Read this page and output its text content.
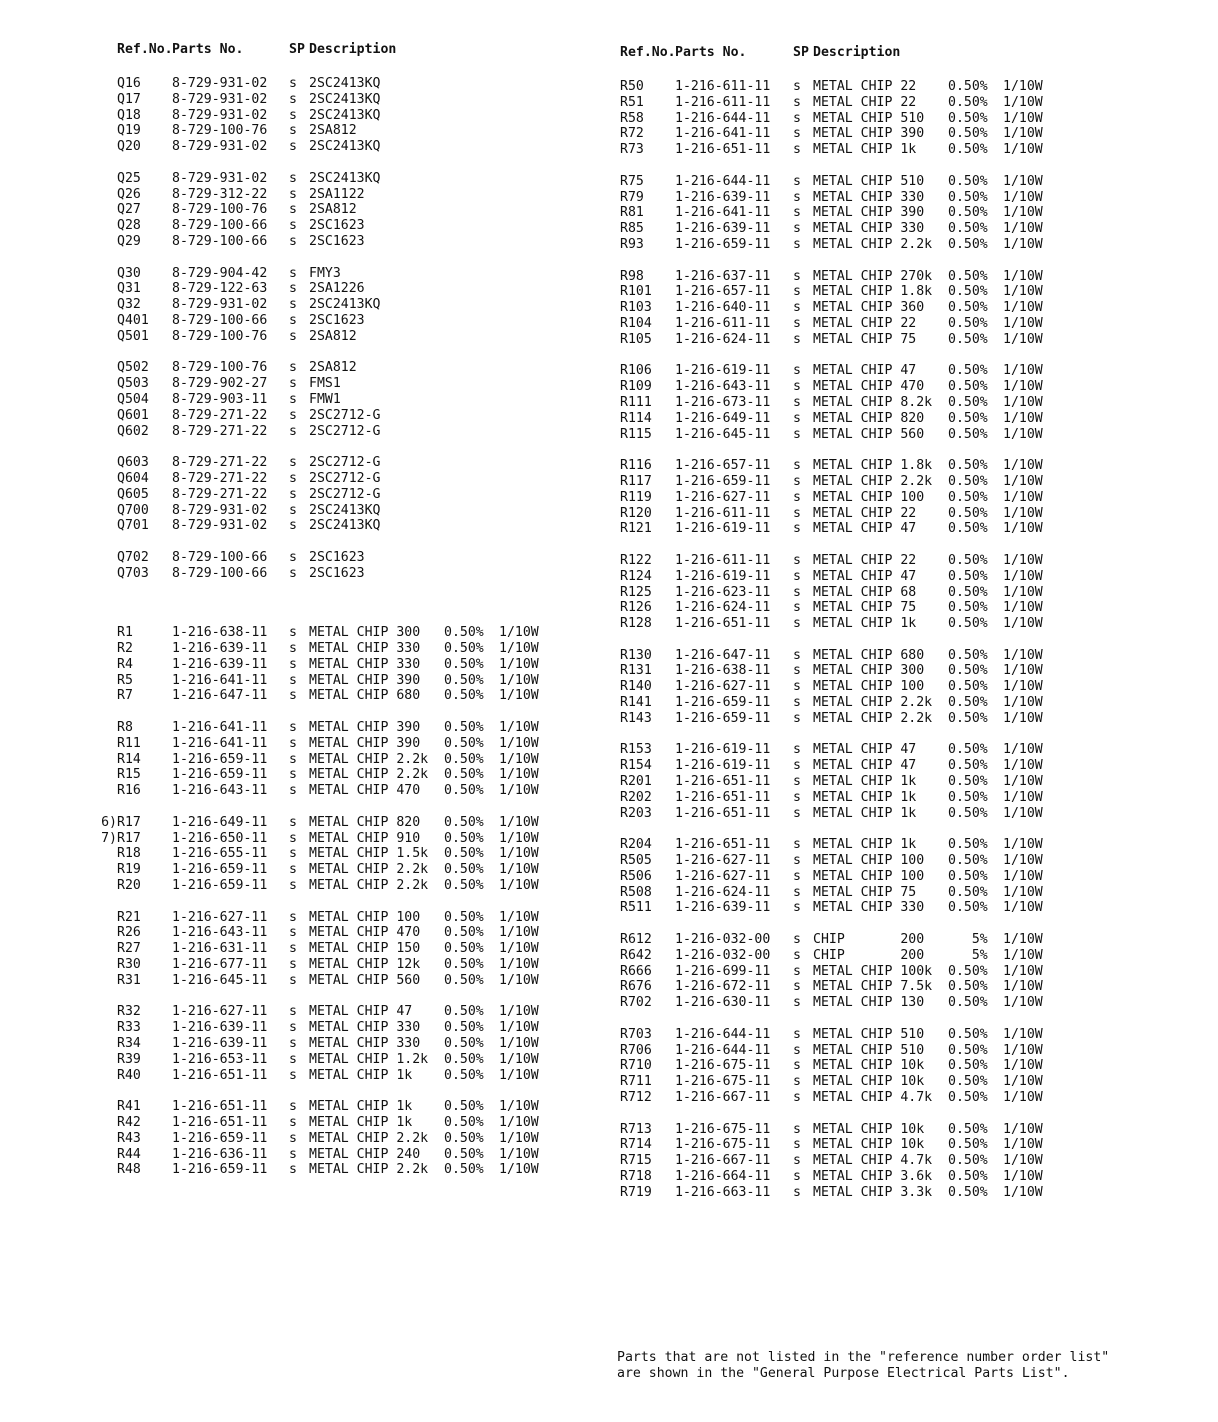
Ref.No. Parts No.	SP Description
Q16	8-729-931-02	s 2SC2413KQ
Q17	8-729-931-02	s 2SC2413KQ
Q18	8-729-931-02	s 2SC2413KQ
Q19	8-729-100-76	s 2SA812
Q20	8-729-931-02	s 2SC2413KQ
Q25	8-729-931-02	s 2SC2413KQ
Q26	8-729-312-22	s 2SA1122
Q27	8-729-100-76	s 2SA812
Q28	8-729-100-66	s 2SC1623
Q29	8-729-100-66	s 2SC1623
Q30	8-729-904-42	s FMY3
Q31	8-729-122-63	s 2SA1226
Q32	8-729-931-02	s 2SC2413KQ
Q401	8-729-100-66	s 2SC1623
Q501	8-729-100-76	s 2SA812
Q502	8-729-100-76	s 2SA812
Q503	8-729-902-27	s FMS1
Q504	8-729-903-11	s FMW1
Q601	8-729-271-22	s 2SC2712-G
Q602	8-729-271-22	s 2SC2712-G
Q603	8-729-271-22	s 2SC2712-G
Q604	8-729-271-22	s 2SC2712-G
Q605	8-729-271-22	s 2SC2712-G
Q700	8-729-931-02	s 2SC2413KQ
Q701	8-729-931-02	s 2SC2413KQ
Q702	8-729-100-66	s 2SC1623
Q703	8-729-100-66	s 2SC1623
R1	1-216-638-11	s METAL CHIP 300	0.50%	1/10W
R2	1-216-639-11	s METAL CHIP 330	0.50%	1/10W
R4	1-216-639-11	s METAL CHIP 330	0.50%	1/10W
R5	1-216-641-11	s METAL CHIP 390	0.50%	1/10W
R7	1-216-647-11	s METAL CHIP 680	0.50%	1/10W
R8	1-216-641-11	s METAL CHIP 390	0.50%	1/10W
R11	1-216-641-11	s METAL CHIP 390	0.50%	1/10W
R14	1-216-659-11	s METAL CHIP 2.2k	0.50%	1/10W
R15	1-216-659-11	s METAL CHIP 2.2k	0.50%	1/10W
R16	1-216-643-11	s METAL CHIP 470	0.50%	1/10W
6) R17	1-216-649-11	s METAL CHIP 820	0.50%	1/10W
7) R17	1-216-650-11	s METAL CHIP 910	0.50%	1/10W
R18	1-216-655-11	s METAL CHIP 1.5k	0.50%	1/10W
R19	1-216-659-11	s METAL CHIP 2.2k	0.50%	1/10W
R20	1-216-659-11	s METAL CHIP 2.2k	0.50%	1/10W
R21	1-216-627-11	s METAL CHIP 100	0.50%	1/10W
R26	1-216-643-11	s METAL CHIP 470	0.50%	1/10W
R27	1-216-631-11	s METAL CHIP 150	0.50%	1/10W
R30	1-216-677-11	s METAL CHIP 12k	0.50%	1/10W
R31	1-216-645-11	s METAL CHIP 560	0.50%	1/10W
R32	1-216-627-11	s METAL CHIP 47	0.50%	1/10W
R33	1-216-639-11	s METAL CHIP 330	0.50%	1/10W
R34	1-216-639-11	s METAL CHIP 330	0.50%	1/10W
R39	1-216-653-11	s METAL CHIP 1.2k	0.50%	1/10W
R40	1-216-651-11	s METAL CHIP 1k	0.50%	1/10W
R41	1-216-651-11	s METAL CHIP 1k	0.50%	1/10W
R42	1-216-651-11	s METAL CHIP 1k	0.50%	1/10W
R43	1-216-659-11	s METAL CHIP 2.2k	0.50%	1/10W
R44	1-216-636-11	s METAL CHIP 240	0.50%	1/10W
R48	1-216-659-11	s METAL CHIP 2.2k	0.50%	1/10W
Ref.No. Parts No.	SP Description
R50	1-216-611-11	s METAL CHIP 22	0.50%	1/10W
R51	1-216-611-11	s METAL CHIP 22	0.50%	1/10W
R58	1-216-644-11	s METAL CHIP 510	0.50%	1/10W
R72	1-216-641-11	s METAL CHIP 390	0.50%	1/10W
R73	1-216-651-11	s METAL CHIP 1k	0.50%	1/10W
R75	1-216-644-11	s METAL CHIP 510	0.50%	1/10W
R79	1-216-639-11	s METAL CHIP 330	0.50%	1/10W
R81	1-216-641-11	s METAL CHIP 390	0.50%	1/10W
R85	1-216-639-11	s METAL CHIP 330	0.50%	1/10W
R93	1-216-659-11	s METAL CHIP 2.2k	0.50%	1/10W
R98	1-216-637-11	s METAL CHIP 270k	0.50%	1/10W
R101	1-216-657-11	s METAL CHIP 1.8k	0.50%	1/10W
R103	1-216-640-11	s METAL CHIP 360	0.50%	1/10W
R104	1-216-611-11	s METAL CHIP 22	0.50%	1/10W
R105	1-216-624-11	s METAL CHIP 75	0.50%	1/10W
R106	1-216-619-11	s METAL CHIP 47	0.50%	1/10W
R109	1-216-643-11	s METAL CHIP 470	0.50%	1/10W
R111	1-216-673-11	s METAL CHIP 8.2k	0.50%	1/10W
R114	1-216-649-11	s METAL CHIP 820	0.50%	1/10W
R115	1-216-645-11	s METAL CHIP 560	0.50%	1/10W
R116	1-216-657-11	s METAL CHIP 1.8k	0.50%	1/10W
R117	1-216-659-11	s METAL CHIP 2.2k	0.50%	1/10W
R119	1-216-627-11	s METAL CHIP 100	0.50%	1/10W
R120	1-216-611-11	s METAL CHIP 22	0.50%	1/10W
R121	1-216-619-11	s METAL CHIP 47	0.50%	1/10W
R122	1-216-611-11	s METAL CHIP 22	0.50%	1/10W
R124	1-216-619-11	s METAL CHIP 47	0.50%	1/10W
R125	1-216-623-11	s METAL CHIP 68	0.50%	1/10W
R126	1-216-624-11	s METAL CHIP 75	0.50%	1/10W
R128	1-216-651-11	s METAL CHIP 1k	0.50%	1/10W
R130	1-216-647-11	s METAL CHIP 680	0.50%	1/10W
R131	1-216-638-11	s METAL CHIP 300	0.50%	1/10W
R140	1-216-627-11	s METAL CHIP 100	0.50%	1/10W
R141	1-216-659-11	s METAL CHIP 2.2k	0.50%	1/10W
R143	1-216-659-11	s METAL CHIP 2.2k	0.50%	1/10W
R153	1-216-619-11	s METAL CHIP 47	0.50%	1/10W
R154	1-216-619-11	s METAL CHIP 47	0.50%	1/10W
R201	1-216-651-11	s METAL CHIP 1k	0.50%	1/10W
R202	1-216-651-11	s METAL CHIP 1k	0.50%	1/10W
R203	1-216-651-11	s METAL CHIP 1k	0.50%	1/10W
R204	1-216-651-11	s METAL CHIP 1k	0.50%	1/10W
R505	1-216-627-11	s METAL CHIP 100	0.50%	1/10W
R506	1-216-627-11	s METAL CHIP 100	0.50%	1/10W
R508	1-216-624-11	s METAL CHIP 75	0.50%	1/10W
R511	1-216-639-11	s METAL CHIP 330	0.50%	1/10W
R612	1-216-032-00	s CHIP       200	5%	1/10W
R642	1-216-032-00	s CHIP       200	5%	1/10W
R666	1-216-699-11	s METAL CHIP 100k	0.50%	1/10W
R676	1-216-672-11	s METAL CHIP 7.5k	0.50%	1/10W
R702	1-216-630-11	s METAL CHIP 130	0.50%	1/10W
R703	1-216-644-11	s METAL CHIP 510	0.50%	1/10W
R706	1-216-644-11	s METAL CHIP 510	0.50%	1/10W
R710	1-216-675-11	s METAL CHIP 10k	0.50%	1/10W
R711	1-216-675-11	s METAL CHIP 10k	0.50%	1/10W
R712	1-216-667-11	s METAL CHIP 4.7k	0.50%	1/10W
R713	1-216-675-11	s METAL CHIP 10k	0.50%	1/10W
R714	1-216-675-11	s METAL CHIP 10k	0.50%	1/10W
R715	1-216-667-11	s METAL CHIP 4.7k	0.50%	1/10W
R718	1-216-664-11	s METAL CHIP 3.6k	0.50%	1/10W
R719	1-216-663-11	s METAL CHIP 3.3k	0.50%	1/10W
Parts that are not listed in the "reference number order list"
are shown in the "General Purpose Electrical Parts List".
